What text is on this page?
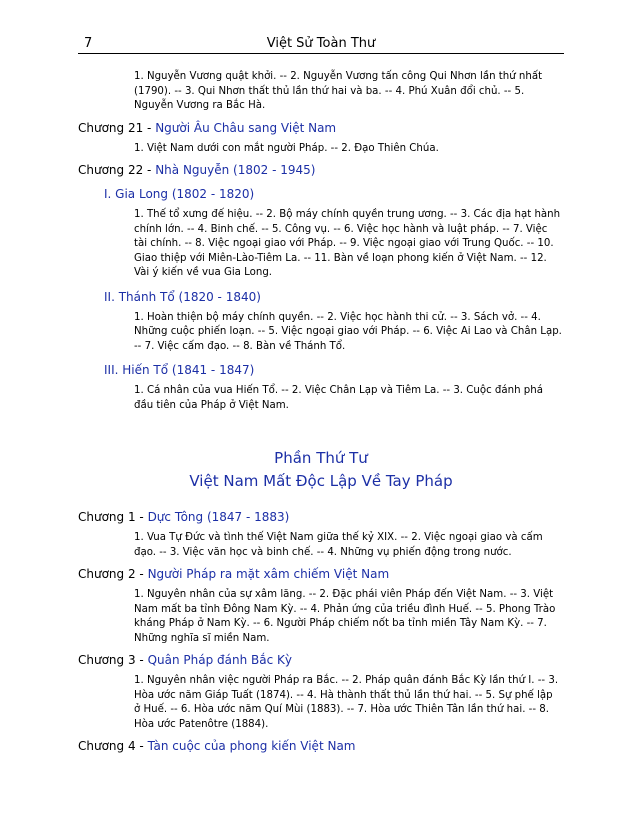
7	Việt Sử Toàn Thư
1. Nguyễn Vương quật khởi. -- 2. Nguyễn Vương tấn công Qui Nhơn lần thứ nhất (1790). -- 3. Qui Nhơn thất thủ lần thứ hai và ba. -- 4. Phú Xuân đổi chủ. -- 5. Nguyễn Vương ra Bắc Hà.
Chương 21 - Người Âu Châu sang Việt Nam
1. Việt Nam dưới con mắt người Pháp. -- 2. Đạo Thiên Chúa.
Chương 22 - Nhà Nguyễn (1802 - 1945)
I. Gia Long (1802 - 1820)
1. Thế tổ xưng đế hiệu. -- 2. Bộ máy chính quyền trung ương. -- 3. Các địa hạt hành chính lớn. -- 4. Binh chế. -- 5. Công vụ. -- 6. Việc học hành và luật pháp. -- 7. Việc tài chính. -- 8. Việc ngoại giao với Pháp. -- 9. Việc ngoại giao với Trung Quốc. -- 10. Giao thiệp với Miên-Lào-Tiêm La. -- 11. Bàn về loạn phong kiến ở Việt Nam. -- 12. Vài ý kiến về vua Gia Long.
II. Thánh Tổ (1820 - 1840)
1. Hoàn thiện bộ máy chính quyền. -- 2. Việc học hành thi cử. -- 3. Sách vở. -- 4. Những cuộc phiến loạn. -- 5. Việc ngoại giao với Pháp. -- 6. Việc Ai Lao và Chân Lạp. -- 7. Việc cấm đạo. -- 8. Bàn về Thánh Tổ.
III. Hiến Tổ (1841 - 1847)
1. Cá nhân của vua Hiến Tổ. -- 2. Việc Chân Lạp và Tiêm La. -- 3. Cuộc đánh phá đầu tiên của Pháp ở Việt Nam.
Phần Thứ Tư
Việt Nam Mất Độc Lập Về Tay Pháp
Chương 1 - Dực Tông (1847 - 1883)
1. Vua Tự Đức và tình thế Việt Nam giữa thế kỷ XIX. -- 2. Việc ngoại giao và cấm đạo. -- 3. Việc văn học và binh chế. -- 4. Những vụ phiến động trong nước.
Chương 2 - Người Pháp ra mặt xâm chiếm Việt Nam
1. Nguyên nhân của sự xâm lăng. -- 2. Đặc phái viên Pháp đến Việt Nam. -- 3. Việt Nam mất ba tỉnh Đông Nam Kỳ. -- 4. Phản ứng của triều đình Huế. -- 5. Phong Trào kháng Pháp ở Nam Kỳ. -- 6. Người Pháp chiếm nốt ba tỉnh miền Tây Nam Kỳ. -- 7. Những nghĩa sĩ miền Nam.
Chương 3 - Quân Pháp đánh Bắc Kỳ
1. Nguyên nhân việc người Pháp ra Bắc. -- 2. Pháp quân đánh Bắc Kỳ lần thứ I. -- 3. Hòa ước năm Giáp Tuất (1874). -- 4. Hà thành thất thủ lần thứ hai. -- 5. Sự phế lập ở Huế. -- 6. Hòa ước năm Quí Mùi (1883). -- 7. Hòa ước Thiên Tân lần thứ hai. -- 8. Hòa ước Patenôtre (1884).
Chương 4 - Tàn cuộc của phong kiến Việt Nam
